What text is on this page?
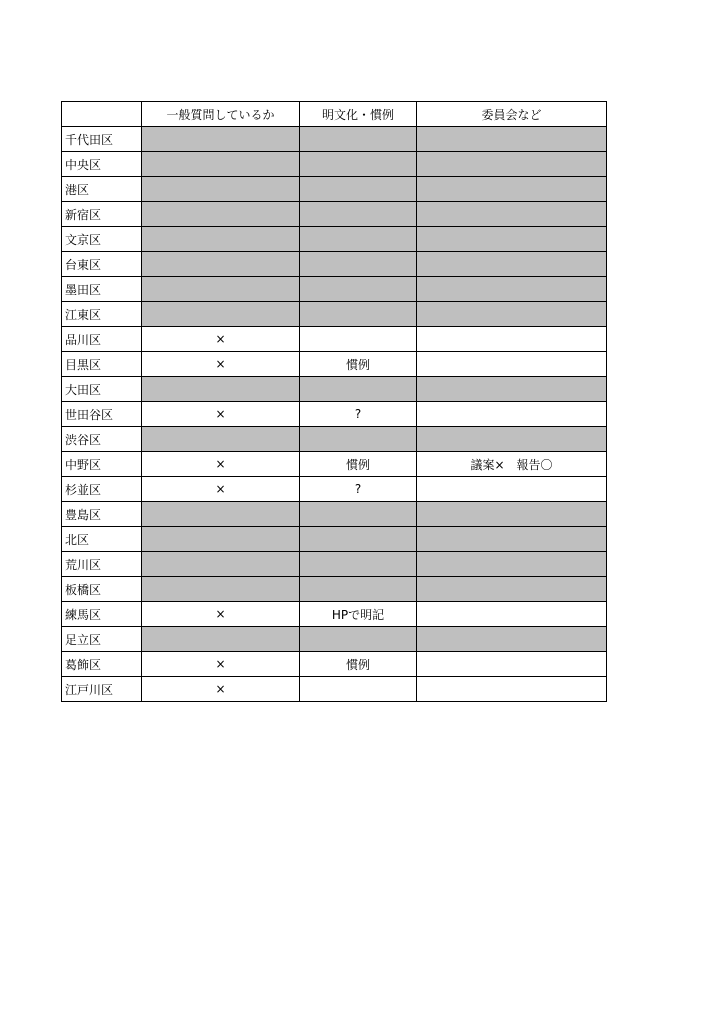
	一般質問しているか	明文化・慣例	委員会など
千代田区			
中央区			
港区			
新宿区			
文京区			
台東区			
墨田区			
江東区			
品川区	×		
目黒区	×	慣例	
大田区			
世田谷区	×	?	
渋谷区			
中野区	×	慣例	議案×　報告〇
杉並区	×	?	
豊島区			
北区			
荒川区			
板橋区			
練馬区	×	HPで明記	
足立区			
葛飾区	×	慣例	
江戸川区	×		
